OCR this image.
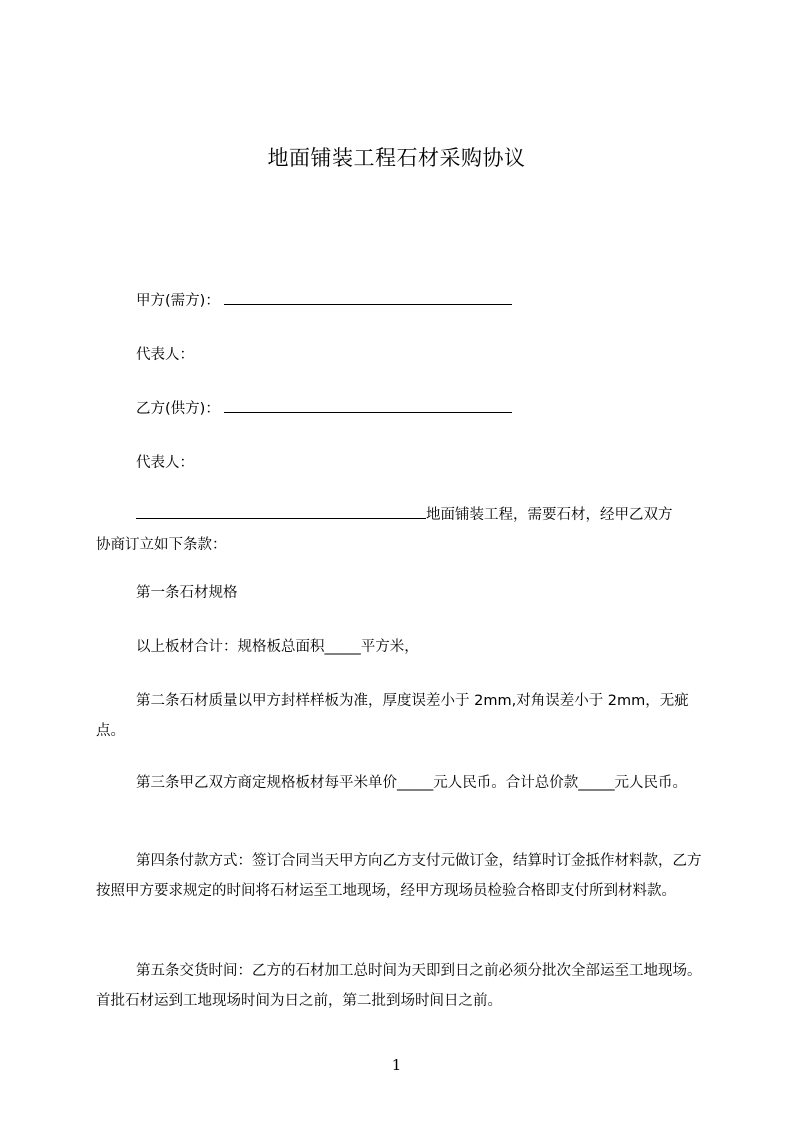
地面铺装工程石材采购协议
甲方(需方)：
代表人：
乙方(供方)：
代表人：
地面铺装工程，需要石材，经甲乙双方
协商订立如下条款：
第一条石材规格
以上板材合计：规格板总面积_____平方米，
第二条石材质量以甲方封样样板为准，厚度误差小于 2mm,对角误差小于 2mm，无疵点。
第三条甲乙双方商定规格板材每平米单价_____元人民币。合计总价款_____元人民币。
第四条付款方式：签订合同当天甲方向乙方支付元做订金，结算时订金抵作材料款，乙方按照甲方要求规定的时间将石材运至工地现场，经甲方现场员检验合格即支付所到材料款。
第五条交货时间：乙方的石材加工总时间为天即到日之前必须分批次全部运至工地现场。首批石材运到工地现场时间为日之前，第二批到场时间日之前。
1
